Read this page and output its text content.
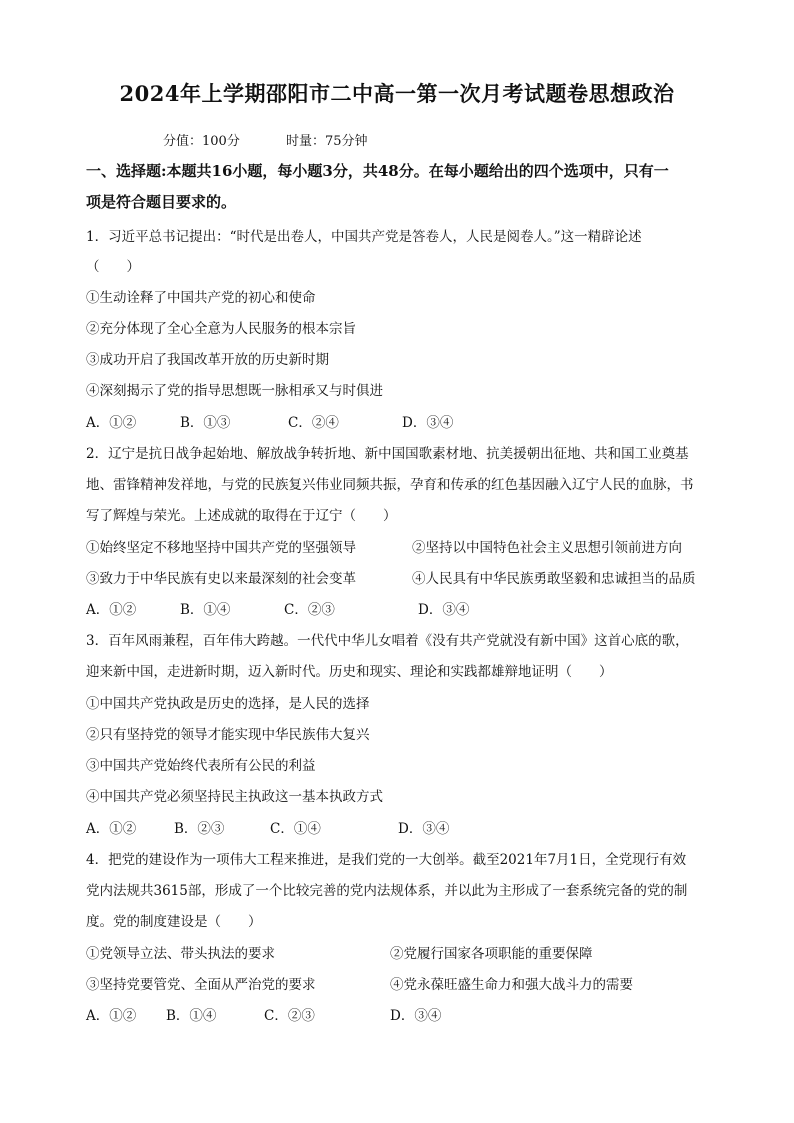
2024年上学期邵阳市二中高一第一次月考试题卷思想政治
分值：100分	时量：75分钟
一、选择题:本题共16小题，每小题3分，共48分。在每小题给出的四个选项中，只有一
项是符合题目要求的。
1．习近平总书记提出：“时代是出卷人，中国共产党是答卷人，人民是阅卷人。”这一精辟论述
（　　）
①生动诠释了中国共产党的初心和使命
②充分体现了全心全意为人民服务的根本宗旨
③成功开启了我国改革开放的历史新时期
④深刻揭示了党的指导思想既一脉相承又与时俱进
A．①②	B．①③	C．②④	D．③④
2．辽宁是抗日战争起始地、解放战争转折地、新中国国歌素材地、抗美援朝出征地、共和国工业奠基
地、雷锋精神发祥地，与党的民族复兴伟业同频共振，孕育和传承的红色基因融入辽宁人民的血脉，书
写了辉煌与荣光。上述成就的取得在于辽宁（　　）
①始终坚定不移地坚持中国共产党的坚强领导	②坚持以中国特色社会主义思想引领前进方向
③致力于中华民族有史以来最深刻的社会变革	④人民具有中华民族勇敢坚毅和忠诚担当的品质
A．①②	B．①④	C．②③	D．③④
3．百年风雨兼程，百年伟大跨越。一代代中华儿女唱着《没有共产党就没有新中国》这首心底的歌，
迎来新中国，走进新时期，迈入新时代。历史和现实、理论和实践都雄辩地证明（　　）
①中国共产党执政是历史的选择，是人民的选择
②只有坚持党的领导才能实现中华民族伟大复兴
③中国共产党始终代表所有公民的利益
④中国共产党必须坚持民主执政这一基本执政方式
A．①②	B．②③	C．①④	D．③④
4．把党的建设作为一项伟大工程来推进，是我们党的一大创举。截至2021年7月1日，全党现行有效
党内法规共3615部，形成了一个比较完善的党内法规体系，并以此为主形成了一套系统完备的党的制
度。党的制度建设是（　　）
①党领导立法、带头执法的要求	②党履行国家各项职能的重要保障
③坚持党要管党、全面从严治党的要求	④党永葆旺盛生命力和强大战斗力的需要
A．①② B．①④	C．②③	D．③④
